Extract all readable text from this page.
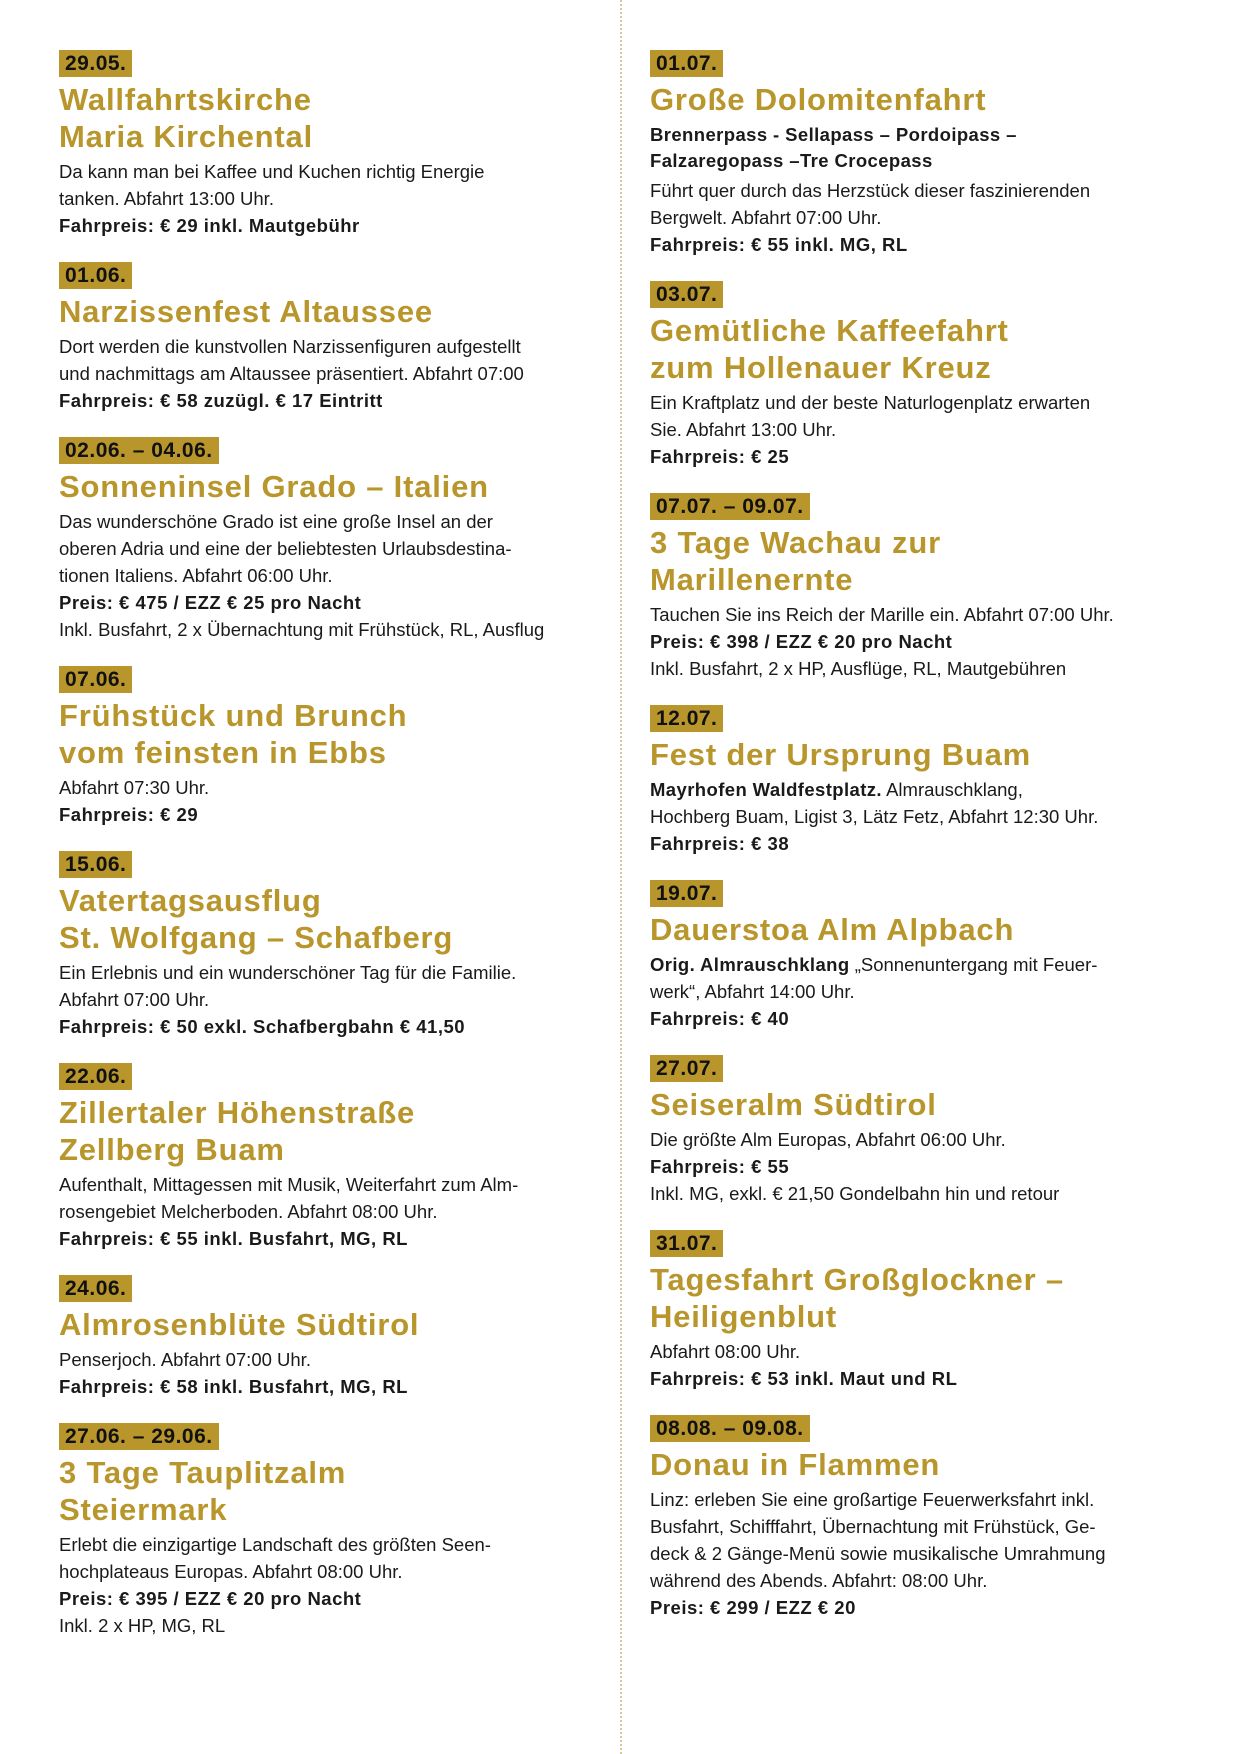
29.05.
Wallfahrtskirche
Maria Kirchental
Da kann man bei Kaffee und Kuchen richtig Energie
tanken. Abfahrt 13:00 Uhr.
Fahrpreis: € 29 inkl. Mautgebühr
01.06.
Narzissenfest Altaussee
Dort werden die kunstvollen Narzissenfiguren aufgestellt
und nachmittags am Altaussee präsentiert. Abfahrt 07:00
Fahrpreis: € 58 zuzügl. € 17 Eintritt
02.06. – 04.06.
Sonneninsel Grado – Italien
Das wunderschöne Grado ist eine große Insel an der
oberen Adria und eine der beliebtesten Urlaubsdestina-
tionen Italiens. Abfahrt 06:00 Uhr.
Preis: € 475 / EZZ € 25 pro Nacht
Inkl. Busfahrt, 2 x Übernachtung mit Frühstück, RL, Ausflug
07.06.
Frühstück und Brunch
vom feinsten in Ebbs
Abfahrt 07:30 Uhr.
Fahrpreis: € 29
15.06.
Vatertagsausflug
St. Wolfgang – Schafberg
Ein Erlebnis und ein wunderschöner Tag für die Familie.
Abfahrt 07:00 Uhr.
Fahrpreis: € 50 exkl. Schafbergbahn € 41,50
22.06.
Zillertaler Höhenstraße
Zellberg Buam
Aufenthalt, Mittagessen mit Musik, Weiterfahrt zum Alm-
rosengebiet Melcherboden. Abfahrt 08:00 Uhr.
Fahrpreis: € 55 inkl. Busfahrt, MG, RL
24.06.
Almrosenblüte Südtirol
Penserjoch. Abfahrt 07:00 Uhr.
Fahrpreis: € 58 inkl. Busfahrt, MG, RL
27.06. – 29.06.
3 Tage Tauplitzalm
Steiermark
Erlebt die einzigartige Landschaft des größten Seen-
hochplateaus Europas. Abfahrt 08:00 Uhr.
Preis: € 395 / EZZ € 20 pro Nacht
Inkl. 2 x HP, MG, RL
01.07.
Große Dolomitenfahrt
Brennerpass - Sellapass – Pordoipass –
Falzaregopass –Tre Crocepass
Führt quer durch das Herzstück dieser faszinierenden
Bergwelt. Abfahrt 07:00 Uhr.
Fahrpreis: € 55 inkl. MG, RL
03.07.
Gemütliche Kaffeefahrt
zum Hollenauer Kreuz
Ein Kraftplatz und der beste Naturlogenplatz erwarten
Sie. Abfahrt 13:00 Uhr.
Fahrpreis: € 25
07.07. – 09.07.
3 Tage Wachau zur
Marillenernte
Tauchen Sie ins Reich der Marille ein. Abfahrt 07:00 Uhr.
Preis: € 398 / EZZ € 20 pro Nacht
Inkl. Busfahrt, 2 x HP, Ausflüge, RL, Mautgebühren
12.07.
Fest der Ursprung Buam
Mayrhofen Waldfestplatz. Almrauschklang,
Hochberg Buam, Ligist 3, Lätz Fetz, Abfahrt 12:30 Uhr.
Fahrpreis: € 38
19.07.
Dauerstoa Alm Alpbach
Orig. Almrauschklang „Sonnenuntergang mit Feuer-
werk“, Abfahrt 14:00 Uhr.
Fahrpreis: € 40
27.07.
Seiseralm Südtirol
Die größte Alm Europas, Abfahrt 06:00 Uhr.
Fahrpreis: € 55
Inkl. MG, exkl. € 21,50 Gondelbahn hin und retour
31.07.
Tagesfahrt Großglockner –
Heiligenblut
Abfahrt 08:00 Uhr.
Fahrpreis: € 53 inkl. Maut und RL
08.08. – 09.08.
Donau in Flammen
Linz: erleben Sie eine großartige Feuerwerksfahrt inkl.
Busfahrt, Schifffahrt, Übernachtung mit Frühstück, Ge-
deck & 2 Gänge-Menü sowie musikalische Umrahmung
während des Abends. Abfahrt: 08:00 Uhr.
Preis: € 299 / EZZ € 20
